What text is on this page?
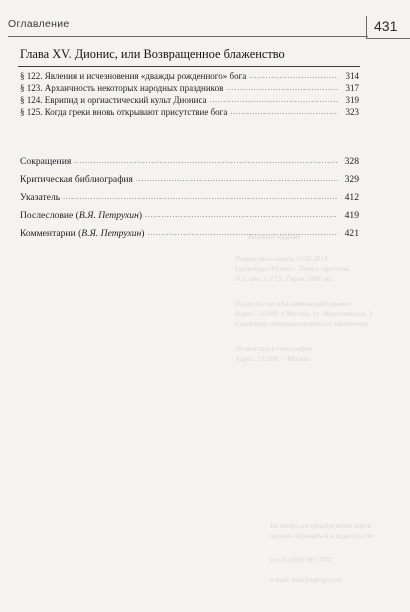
Книжное издание
Подписано в печать 10.02.2014
Гарнитура «Minion». Печать офсетная
Усл. печ. л. 27,5. Тираж 1000 экз.
Издательство «Академический проект»
Адрес: 111399, г. Москва, ул. Мартеновская, 3
Санитарно-эпидемиологическое заключение
Отпечатано в типографии
Адрес: 123298, г. Москва
По вопросам приобретения книги
просим обращаться в издательство
тел. 8 (495) 305 3702
e-mail: info@aprogect.ru
Оглавление	431
Глава XV. Дионис, или Возвращенное блаженство
§ 122. Явления и исчезновения «дважды рожденного» бога .....	314
§ 123. Архаичность некоторых народных праздников .....	317
§ 124. Еврипид и оргиастический культ Диониса .....	319
§ 125. Когда греки вновь открывают присутствие бога .....	323
Сокращения .....	328
Критическая библиография .....	329
Указатель .....	412
Послесловие (В.Я. Петрухин) .....	419
Комментарии (В.Я. Петрухин) .....	421
